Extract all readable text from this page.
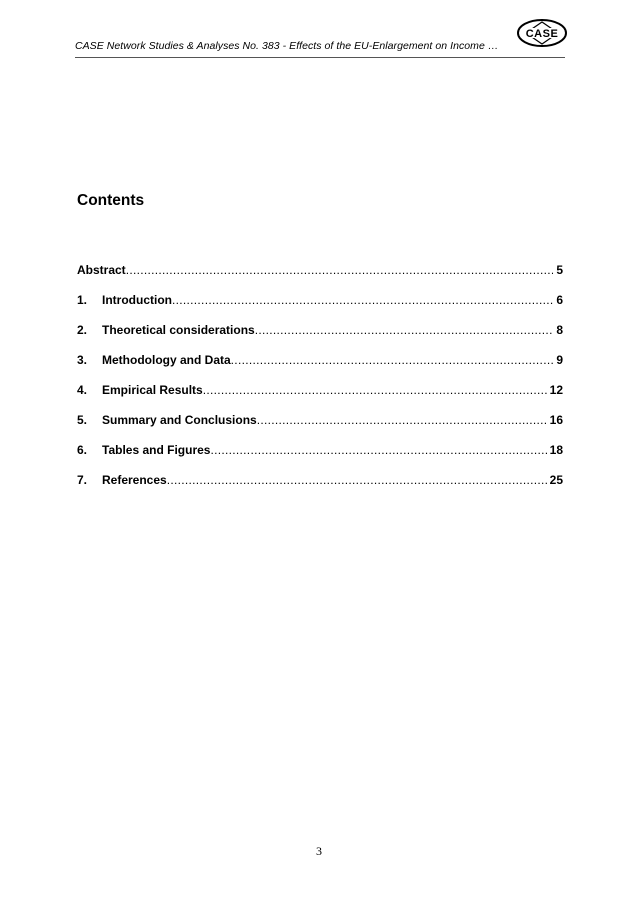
CASE Network Studies & Analyses No. 383 - Effects of the EU-Enlargement on Income …
CASE
Contents
Abstract .....	5
1.	Introduction .....	6
2.	Theoretical considerations .....	8
3.	Methodology and Data .....	9
4.	Empirical Results .....	12
5.	Summary and Conclusions .....	16
6.	Tables and Figures .....	18
7.	References .....	25
3
